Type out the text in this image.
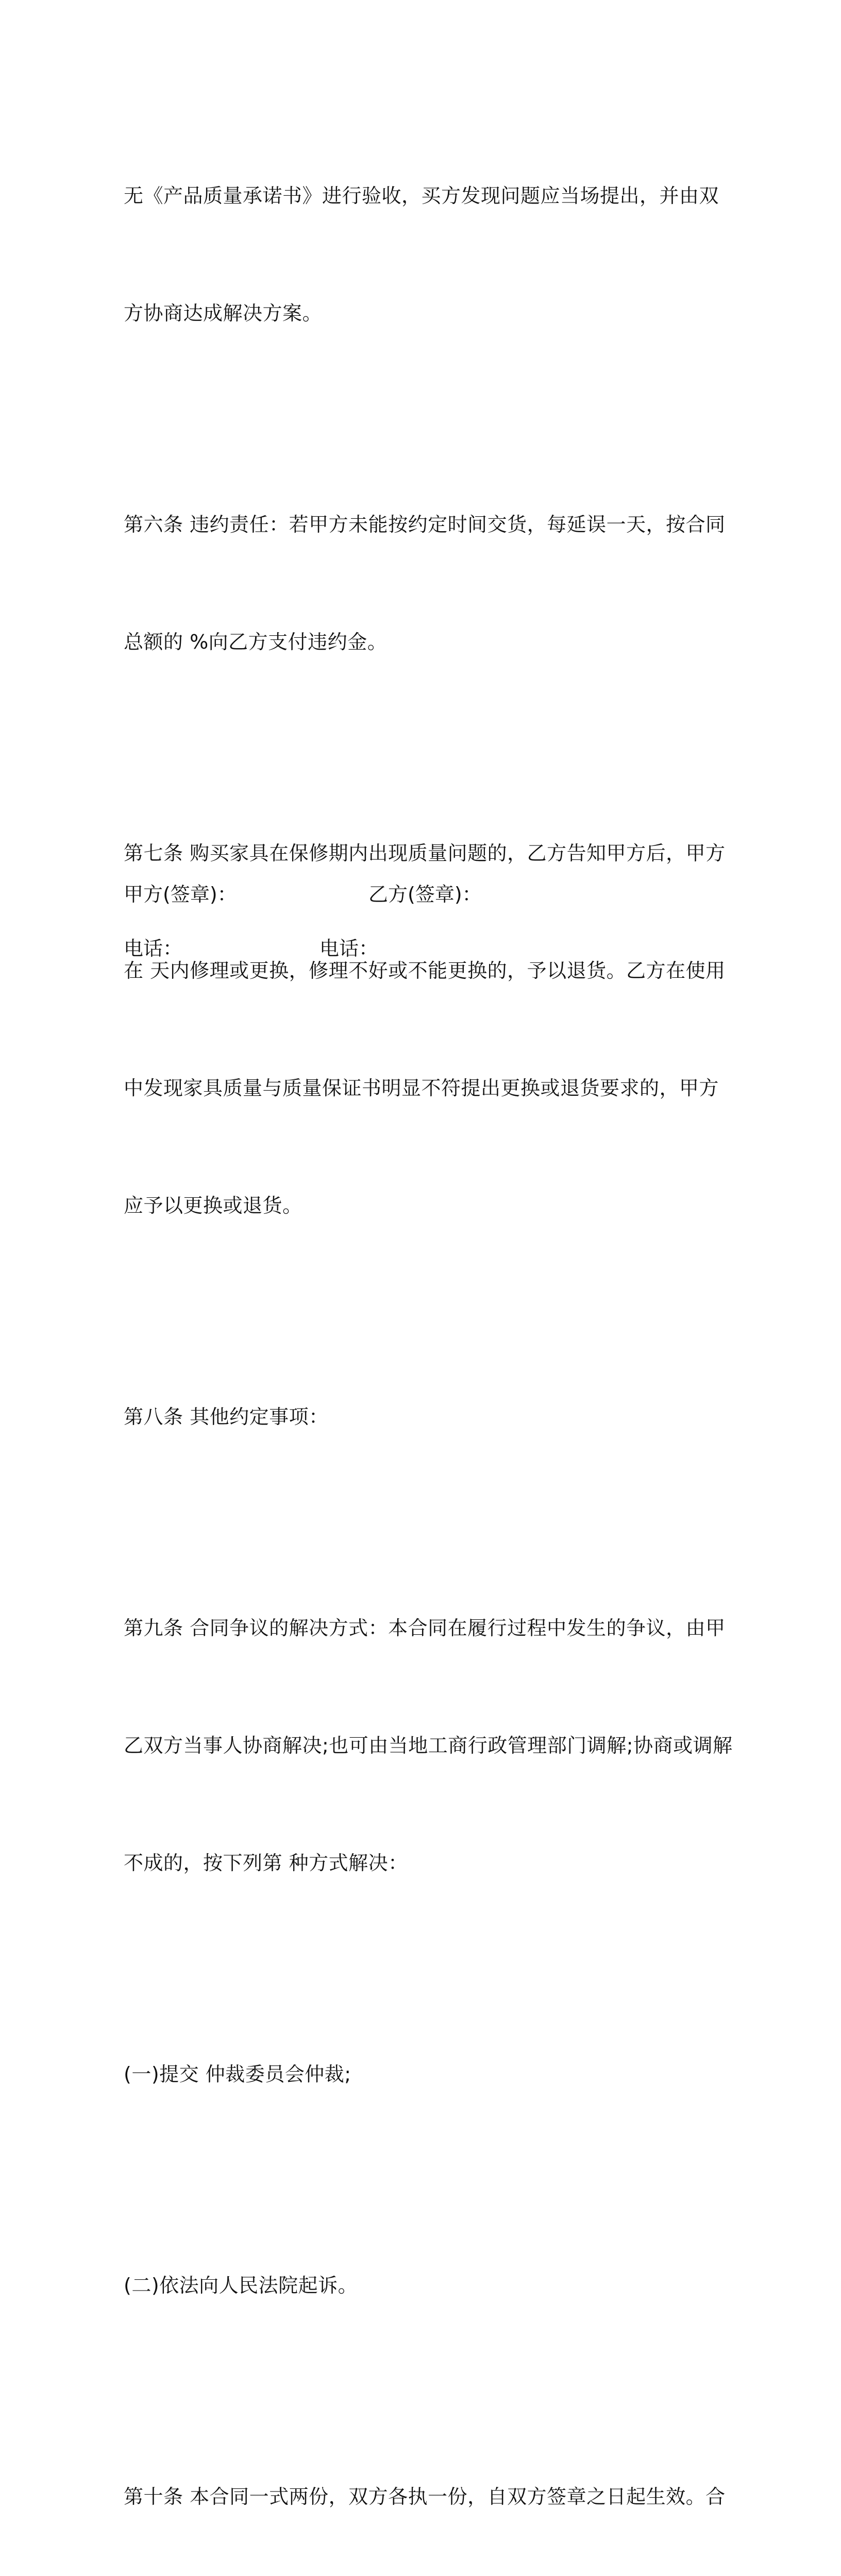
无《产品质量承诺书》进行验收，买方发现问题应当场提出，并由双

方协商达成解决方案。

第六条 违约责任：若甲方未能按约定时间交货，每延误一天，按合同

总额的 %向乙方支付违约金。

第七条 购买家具在保修期内出现质量问题的，乙方告知甲方后，甲方

在 天内修理或更换，修理不好或不能更换的，予以退货。乙方在使用

中发现家具质量与质量保证书明显不符提出更换或退货要求的，甲方

应予以更换或退货。

第八条 其他约定事项：

第九条 合同争议的解决方式：本合同在履行过程中发生的争议，由甲

乙双方当事人协商解决;也可由当地工商行政管理部门调解;协商或调解

不成的，按下列第 种方式解决：

(一)提交 仲裁委员会仲裁;

(二)依法向人民法院起诉。

第十条 本合同一式两份，双方各执一份，自双方签章之日起生效。合

甲方(签章)：	乙方(签章)：
电话：	电话：
